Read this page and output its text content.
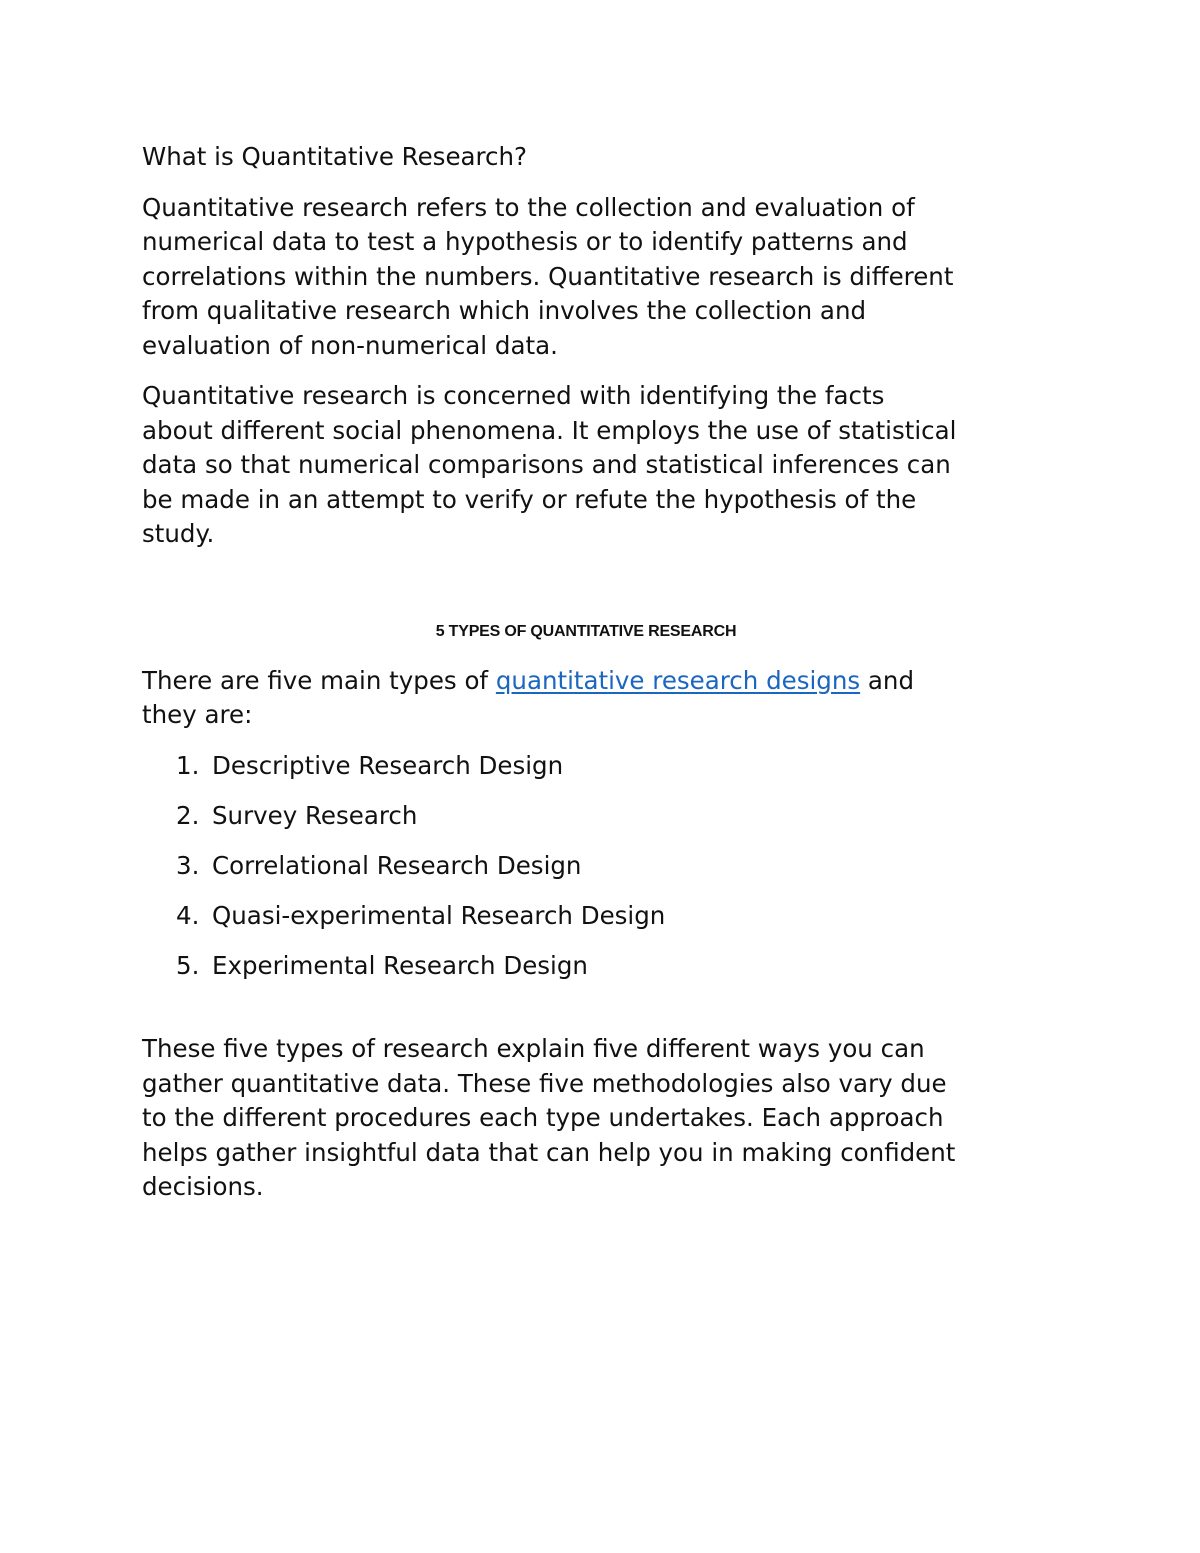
What is Quantitative Research?

Quantitative research refers to the collection and evaluation of

numerical data to test a hypothesis or to identify patterns and

correlations within the numbers. Quantitative research is different

from qualitative research which involves the collection and

evaluation of non-numerical data.

Quantitative research is concerned with identifying the facts

about different social phenomena. It employs the use of statistical

data so that numerical comparisons and statistical inferences can

be made in an attempt to verify or refute the hypothesis of the

study.

5 TYPES OF QUANTITATIVE RESEARCH

There are five main types of quantitative research designs and

they are:

1. Descriptive Research Design
2. Survey Research
3. Correlational Research Design
4. Quasi-experimental Research Design
5. Experimental Research Design

These five types of research explain five different ways you can

gather quantitative data. These five methodologies also vary due

to the different procedures each type undertakes. Each approach

helps gather insightful data that can help you in making confident

decisions.
